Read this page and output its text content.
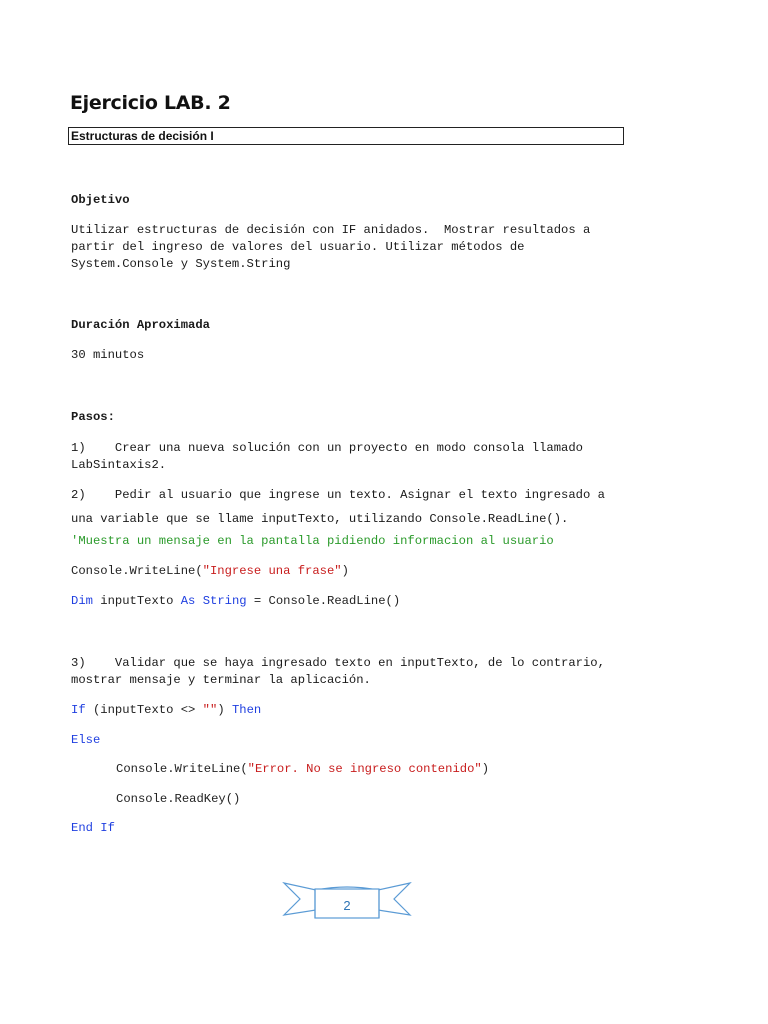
Ejercicio LAB. 2
Estructuras de decisión I
Objetivo
Utilizar estructuras de decisión con IF anidados.  Mostrar resultados a
partir del ingreso de valores del usuario. Utilizar métodos de
System.Console y System.String
Duración Aproximada
30 minutos
Pasos:
1)    Crear una nueva solución con un proyecto en modo consola llamado
LabSintaxis2.
2)    Pedir al usuario que ingrese un texto. Asignar el texto ingresado a
una variable que se llame inputTexto, utilizando Console.ReadLine().
'Muestra un mensaje en la pantalla pidiendo informacion al usuario
Console.WriteLine("Ingrese una frase")
Dim inputTexto As String = Console.ReadLine()
3)    Validar que se haya ingresado texto en inputTexto, de lo contrario,
mostrar mensaje y terminar la aplicación.
If (inputTexto <> "") Then
Else
Console.WriteLine("Error. No se ingreso contenido")
Console.ReadKey()
End If
2
